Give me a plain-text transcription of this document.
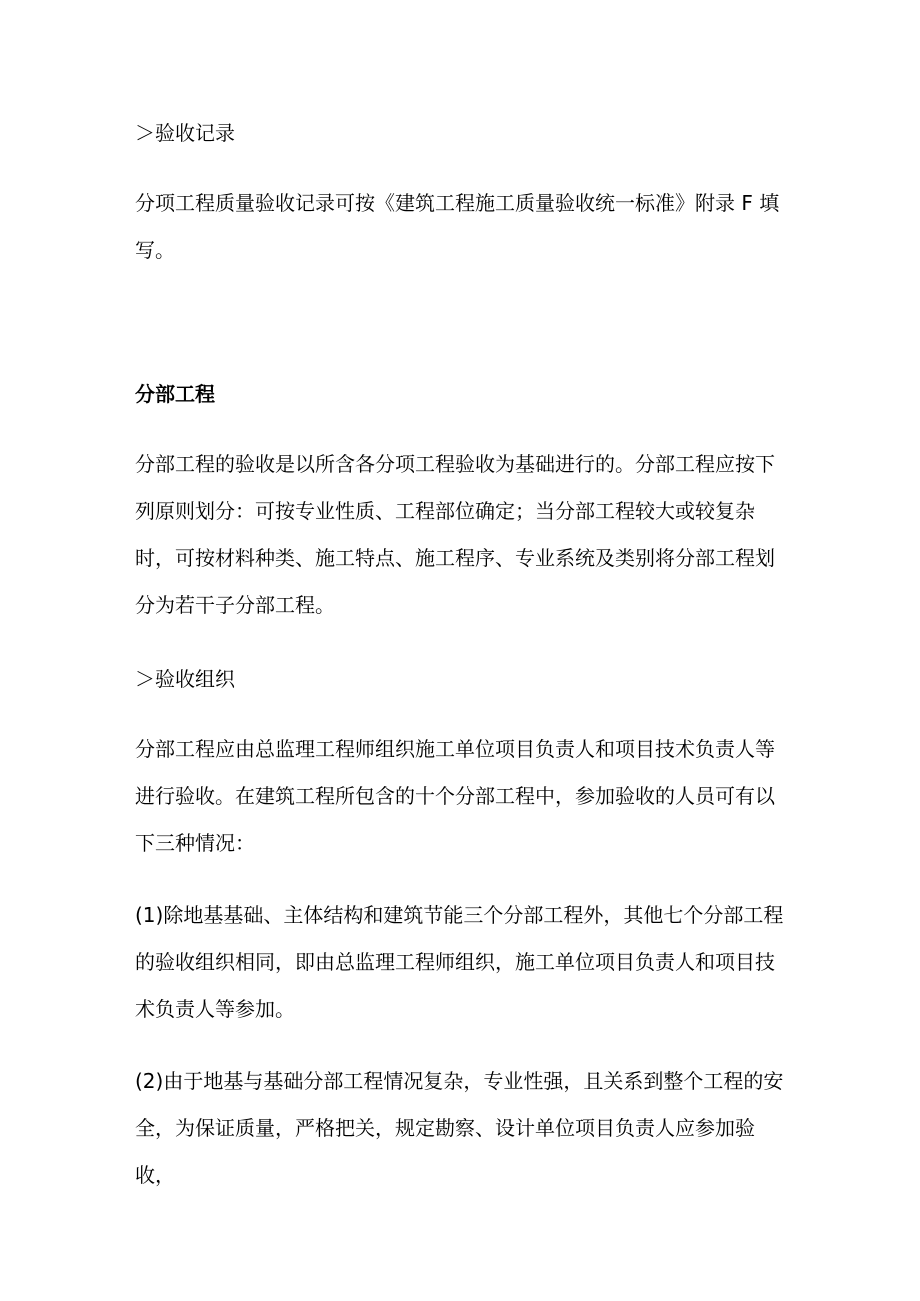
＞验收记录

分项工程质量验收记录可按《建筑工程施工质量验收统一标准》附录 F 填写。

分部工程

分部工程的验收是以所含各分项工程验收为基础进行的。分部工程应按下列原则划分：可按专业性质、工程部位确定；当分部工程较大或较复杂时，可按材料种类、施工特点、施工程序、专业系统及类别将分部工程划分为若干子分部工程。

＞验收组织

分部工程应由总监理工程师组织施工单位项目负责人和项目技术负责人等进行验收。在建筑工程所包含的十个分部工程中，参加验收的人员可有以下三种情况：

(1)除地基基础、主体结构和建筑节能三个分部工程外，其他七个分部工程的验收组织相同，即由总监理工程师组织，施工单位项目负责人和项目技术负责人等参加。

(2)由于地基与基础分部工程情况复杂，专业性强，且关系到整个工程的安全，为保证质量，严格把关，规定勘察、设计单位项目负责人应参加验收，
